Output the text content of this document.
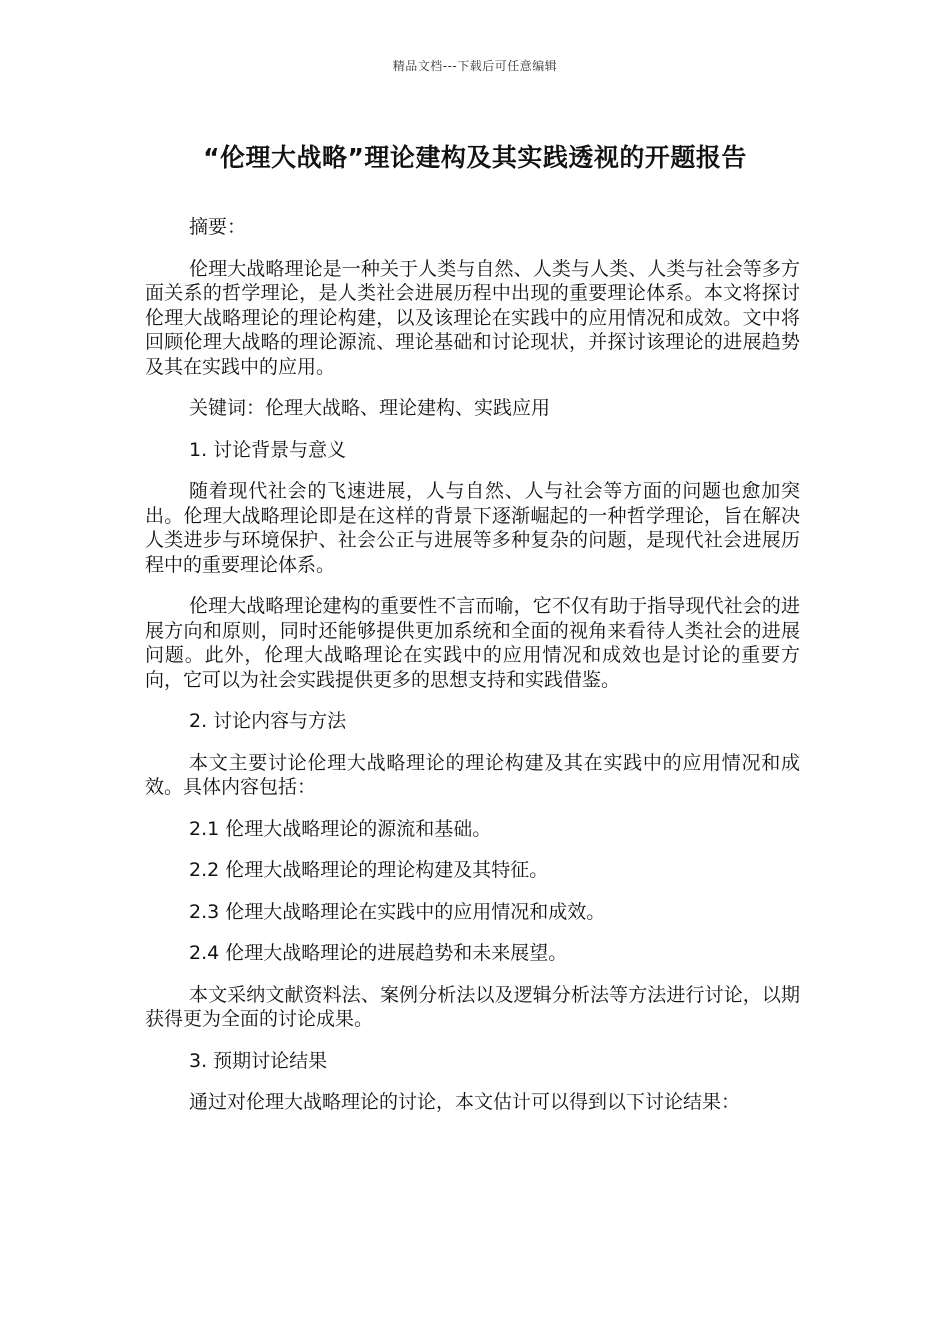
精品文档---下载后可任意编辑
“伦理大战略”理论建构及其实践透视的开题报告

摘要：

伦理大战略理论是一种关于人类与自然、人类与人类、人类与社会等多方面关系的哲学理论，是人类社会进展历程中出现的重要理论体系。本文将探讨伦理大战略理论的理论构建，以及该理论在实践中的应用情况和成效。文中将回顾伦理大战略的理论源流、理论基础和讨论现状，并探讨该理论的进展趋势及其在实践中的应用。

关键词：伦理大战略、理论建构、实践应用

1. 讨论背景与意义

随着现代社会的飞速进展，人与自然、人与社会等方面的问题也愈加突出。伦理大战略理论即是在这样的背景下逐渐崛起的一种哲学理论，旨在解决人类进步与环境保护、社会公正与进展等多种复杂的问题，是现代社会进展历程中的重要理论体系。

伦理大战略理论建构的重要性不言而喻，它不仅有助于指导现代社会的进展方向和原则，同时还能够提供更加系统和全面的视角来看待人类社会的进展问题。此外，伦理大战略理论在实践中的应用情况和成效也是讨论的重要方向，它可以为社会实践提供更多的思想支持和实践借鉴。

2. 讨论内容与方法

本文主要讨论伦理大战略理论的理论构建及其在实践中的应用情况和成效。具体内容包括：

2.1 伦理大战略理论的源流和基础。

2.2 伦理大战略理论的理论构建及其特征。

2.3 伦理大战略理论在实践中的应用情况和成效。

2.4 伦理大战略理论的进展趋势和未来展望。

本文采纳文献资料法、案例分析法以及逻辑分析法等方法进行讨论，以期获得更为全面的讨论成果。

3. 预期讨论结果

通过对伦理大战略理论的讨论，本文估计可以得到以下讨论结果：
